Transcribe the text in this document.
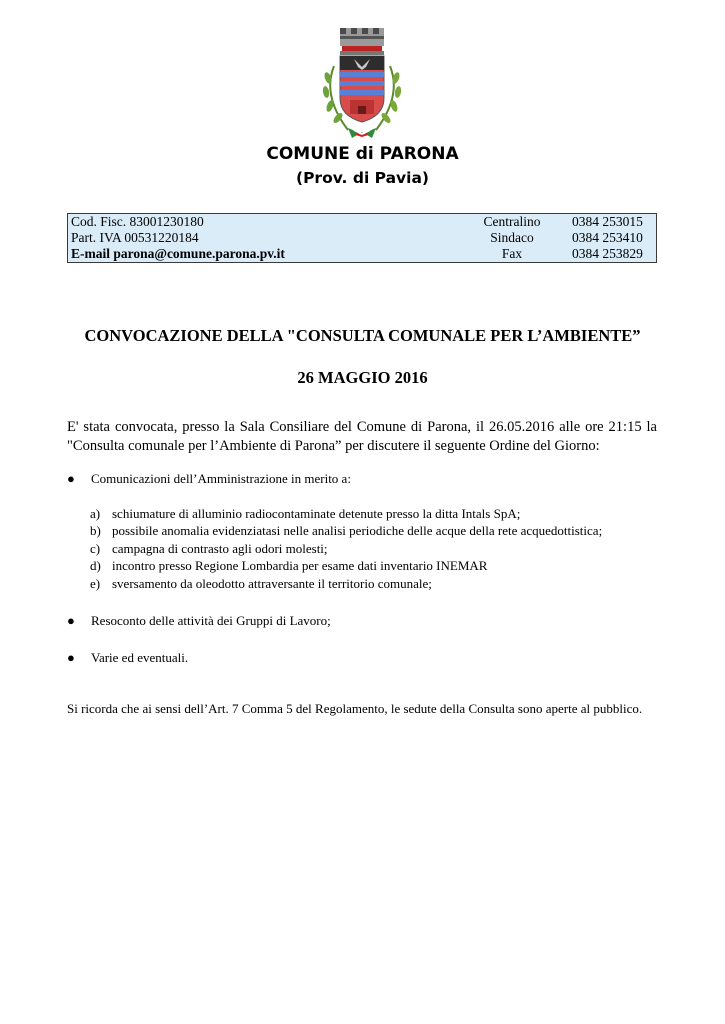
COMUNE di PARONA
(Prov. di Pavia)
Cod. Fisc. 83001230180	Centralino	0384 253015
Part. IVA 00531220184	Sindaco	0384 253410
E-mail parona@comune.parona.pv.it	Fax	0384 253829
CONVOCAZIONE DELLA "CONSULTA COMUNALE PER L’AMBIENTE”
26 MAGGIO 2016
E' stata convocata, presso la Sala Consiliare del Comune di Parona, il 26.05.2016 alle ore 21:15 la "Consulta comunale per l’Ambiente di Parona” per discutere il seguente Ordine del Giorno:
● Comunicazioni dell’Amministrazione in merito a:
a) schiumature di alluminio radiocontaminate detenute presso la ditta Intals SpA;
b) possibile anomalia evidenziatasi nelle analisi periodiche delle acque della rete acquedottistica;
c) campagna di contrasto agli odori molesti;
d) incontro presso Regione Lombardia per esame dati inventario INEMAR
e) sversamento da oleodotto attraversante il territorio comunale;
● Resoconto delle attività dei Gruppi di Lavoro;
● Varie ed eventuali.
Si ricorda che ai sensi dell’Art. 7 Comma 5 del Regolamento, le sedute della Consulta sono aperte al pubblico.
